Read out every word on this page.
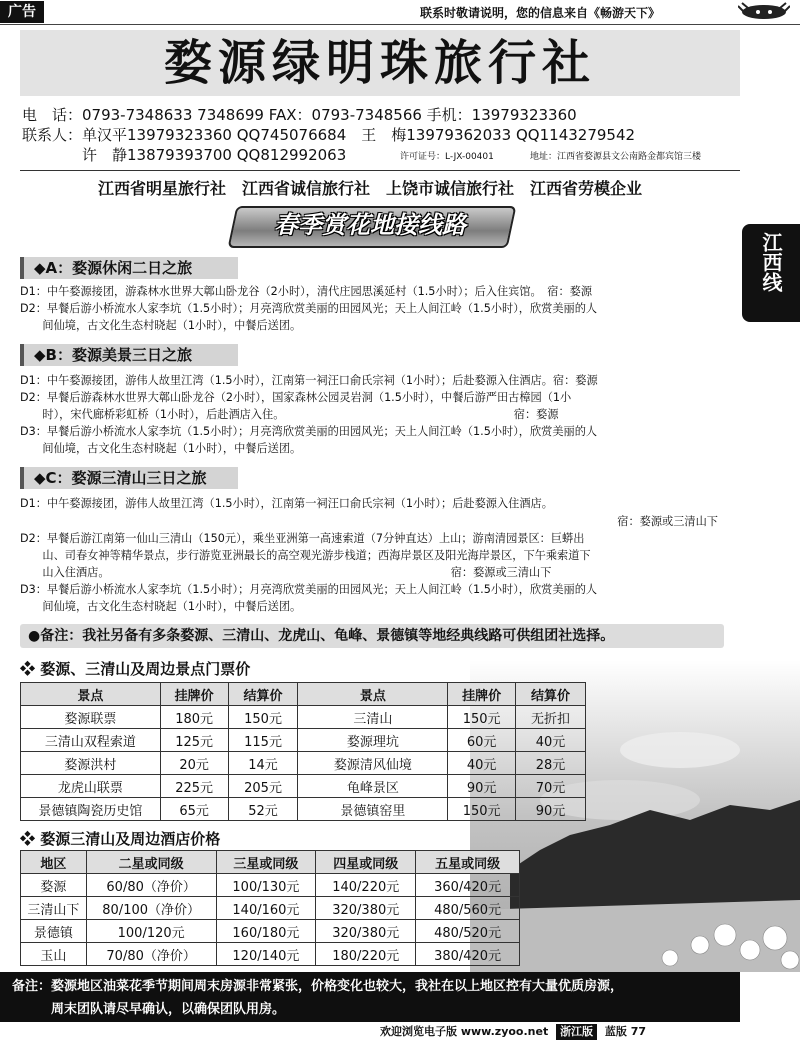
广告	联系时敬请说明，您的信息来自《畅游天下》
婺源绿明珠旅行社
电　话：0793-7348633 7348699 FAX：0793-7348566 手机：13979323360
联系人：单汉平13979323360 QQ745076684　王　梅13979362033 QQ1143279542
　　　　许　静13879393700 QQ812992063	许可证号：L-JX-00401	地址：江西省婺源县文公南路金都宾馆三楼
江西省明星旅行社　江西省诚信旅行社　上饶市诚信旅行社　江西省劳模企业
春季赏花地接线路
江西线
◆A：婺源休闲二日之旅
D1：中午婺源接团，游森林水世界大鄣山卧龙谷（2小时），清代庄园思溪延村（1.5小时）；后入住宾馆。　宿：婺源
D2：早餐后游小桥流水人家李坑（1.5小时）；月亮湾欣赏美丽的田园风光；天上人间江岭（1.5小时），欣赏美丽的人
　　间仙境，古文化生态村晓起（1小时），中餐后送团。
◆B：婺源美景三日之旅
D1：中午婺源接团，游伟人故里江湾（1.5小时），江南第一祠汪口俞氏宗祠（1小时）；后赴婺源入住酒店。宿：婺源
D2：早餐后游森林水世界大鄣山卧龙谷（2小时），国家森林公园灵岩洞（1.5小时），中餐后游严田古樟园（1小
　　时），宋代廊桥彩虹桥（1小时），后赴酒店入住。　　　　　　　　　　　　　　　　　　　　　宿：婺源
D3：早餐后游小桥流水人家李坑（1.5小时）；月亮湾欣赏美丽的田园风光；天上人间江岭（1.5小时），欣赏美丽的人
　　间仙境，古文化生态村晓起（1小时），中餐后送团。
◆C：婺源三清山三日之旅
D1：中午婺源接团，游伟人故里江湾（1.5小时），江南第一祠汪口俞氏宗祠（1小时）；后赴婺源入住酒店。
宿：婺源或三清山下
D2：早餐后游江南第一仙山三清山（150元），乘坐亚洲第一高速索道（7分钟直达）上山；游南清园景区：巨蟒出
　　山、司春女神等精华景点，步行游览亚洲最长的高空观光游步栈道；西海岸景区及阳光海岸景区，下午乘索道下
　　山入住酒店。　　　　　　　　　　　　　　　　　　　　　　　　　　　　　　　宿：婺源或三清山下
D3：早餐后游小桥流水人家李坑（1.5小时）；月亮湾欣赏美丽的田园风光；天上人间江岭（1.5小时），欣赏美丽的人
　　间仙境，古文化生态村晓起（1小时），中餐后送团。
●备注：我社另备有多条婺源、三清山、龙虎山、龟峰、景德镇等地经典线路可供组团社选择。
❖ 婺源、三清山及周边景点门票价
景点	挂牌价	结算价	景点	挂牌价	结算价
婺源联票	180元	150元	三清山	150元	无折扣
三清山双程索道	125元	115元	婺源理坑	60元	40元
婺源洪村	20元	14元	婺源清风仙境	40元	28元
龙虎山联票	225元	205元	龟峰景区	90元	70元
景德镇陶瓷历史馆	65元	52元	景德镇窑里	150元	90元
❖ 婺源三清山及周边酒店价格
地区	二星或同级	三星或同级	四星或同级	五星或同级
婺源	60/80（净价）	100/130元	140/220元	360/420元
三清山下	80/100（净价）	140/160元	320/380元	480/560元
景德镇	100/120元	160/180元	320/380元	480/520元
玉山	70/80（净价）	120/140元	180/220元	380/420元
备注：婺源地区油菜花季节期间周末房源非常紧张，价格变化也较大，我社在以上地区控有大量优质房源，
　　　周末团队请尽早确认，以确保团队用房。
欢迎浏览电子版 www.zyoo.net 浙江版 蓝版 77
